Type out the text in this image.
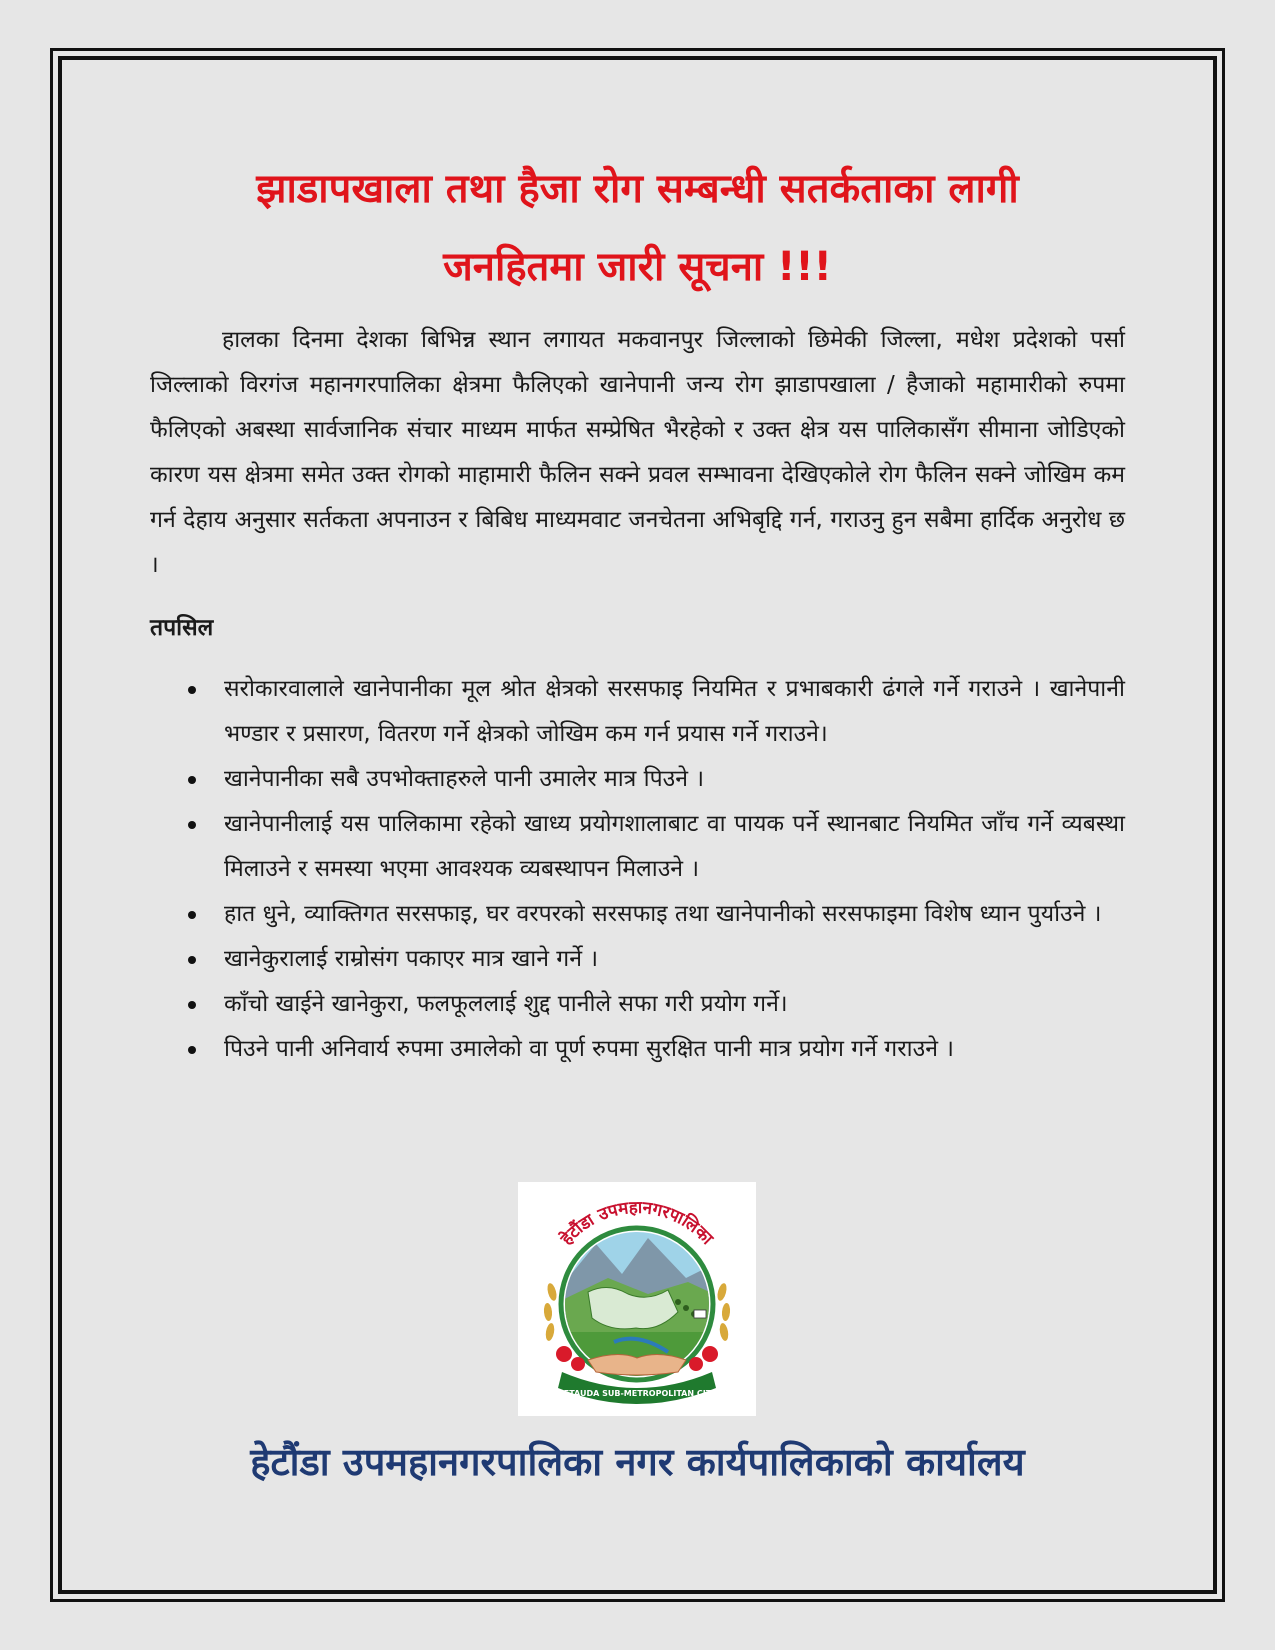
झाडापखाला तथा हैजा रोग सम्बन्धी सतर्कताका लागी
जनहितमा जारी सूचना !!!

हालका दिनमा देशका बिभिन्न स्थान लगायत मकवानपुर जिल्लाको छिमेकी जिल्ला, मधेश प्रदेशको पर्सा जिल्लाको विरगंज महानगरपालिका क्षेत्रमा फैलिएको खानेपानी जन्य रोग झाडापखाला / हैजाको महामारीको रुपमा फैलिएको अबस्था सार्वजानिक संचार माध्यम मार्फत सम्प्रेषित भैरहेको र उक्त क्षेत्र यस पालिकासँग सीमाना जोडिएको कारण यस क्षेत्रमा समेत उक्त रोगको माहामारी फैलिन सक्ने प्रवल सम्भावना देखिएकोले रोग फैलिन सक्ने जोखिम कम गर्न देहाय अनुसार सर्तकता अपनाउन र बिबिध माध्यमवाट जनचेतना अभिबृद्दि गर्न, गराउनु हुन सबैमा हार्दिक अनुरोध छ ।

तपसिल
सरोकारवालाले खानेपानीका मूल श्रोत क्षेत्रको सरसफाइ नियमित र प्रभाबकारी ढंगले गर्ने गराउने । खानेपानी भण्डार र प्रसारण, वितरण गर्ने क्षेत्रको जोखिम कम गर्न प्रयास गर्ने गराउने।
खानेपानीका सबै उपभोक्ताहरुले पानी उमालेर मात्र पिउने ।
खानेपानीलाई यस पालिकामा रहेको खाध्य प्रयोगशालाबाट वा पायक पर्ने स्थानबाट नियमित जाँच गर्ने व्यबस्था मिलाउने र समस्या भएमा आवश्यक व्यबस्थापन मिलाउने ।
हात धुने, व्याक्तिगत सरसफाइ, घर वरपरको सरसफाइ तथा खानेपानीको सरसफाइमा विशेष ध्यान पुर्याउने ।
खानेकुरालाई राम्रोसंग पकाएर मात्र खाने गर्ने ।
काँचो खाईने खानेकुरा, फलफूललाई शुद्द पानीले सफा गरी प्रयोग गर्ने।
पिउने पानी अनिवार्य रुपमा उमालेको वा पूर्ण रुपमा सुरक्षित पानी मात्र प्रयोग गर्ने गराउने ।
हेटौंडा उपमहानगरपालिका
HETAUDA SUB-METROPOLITAN CITY
हेटौंडा उपमहानगरपालिका नगर कार्यपालिकाको कार्यालय
